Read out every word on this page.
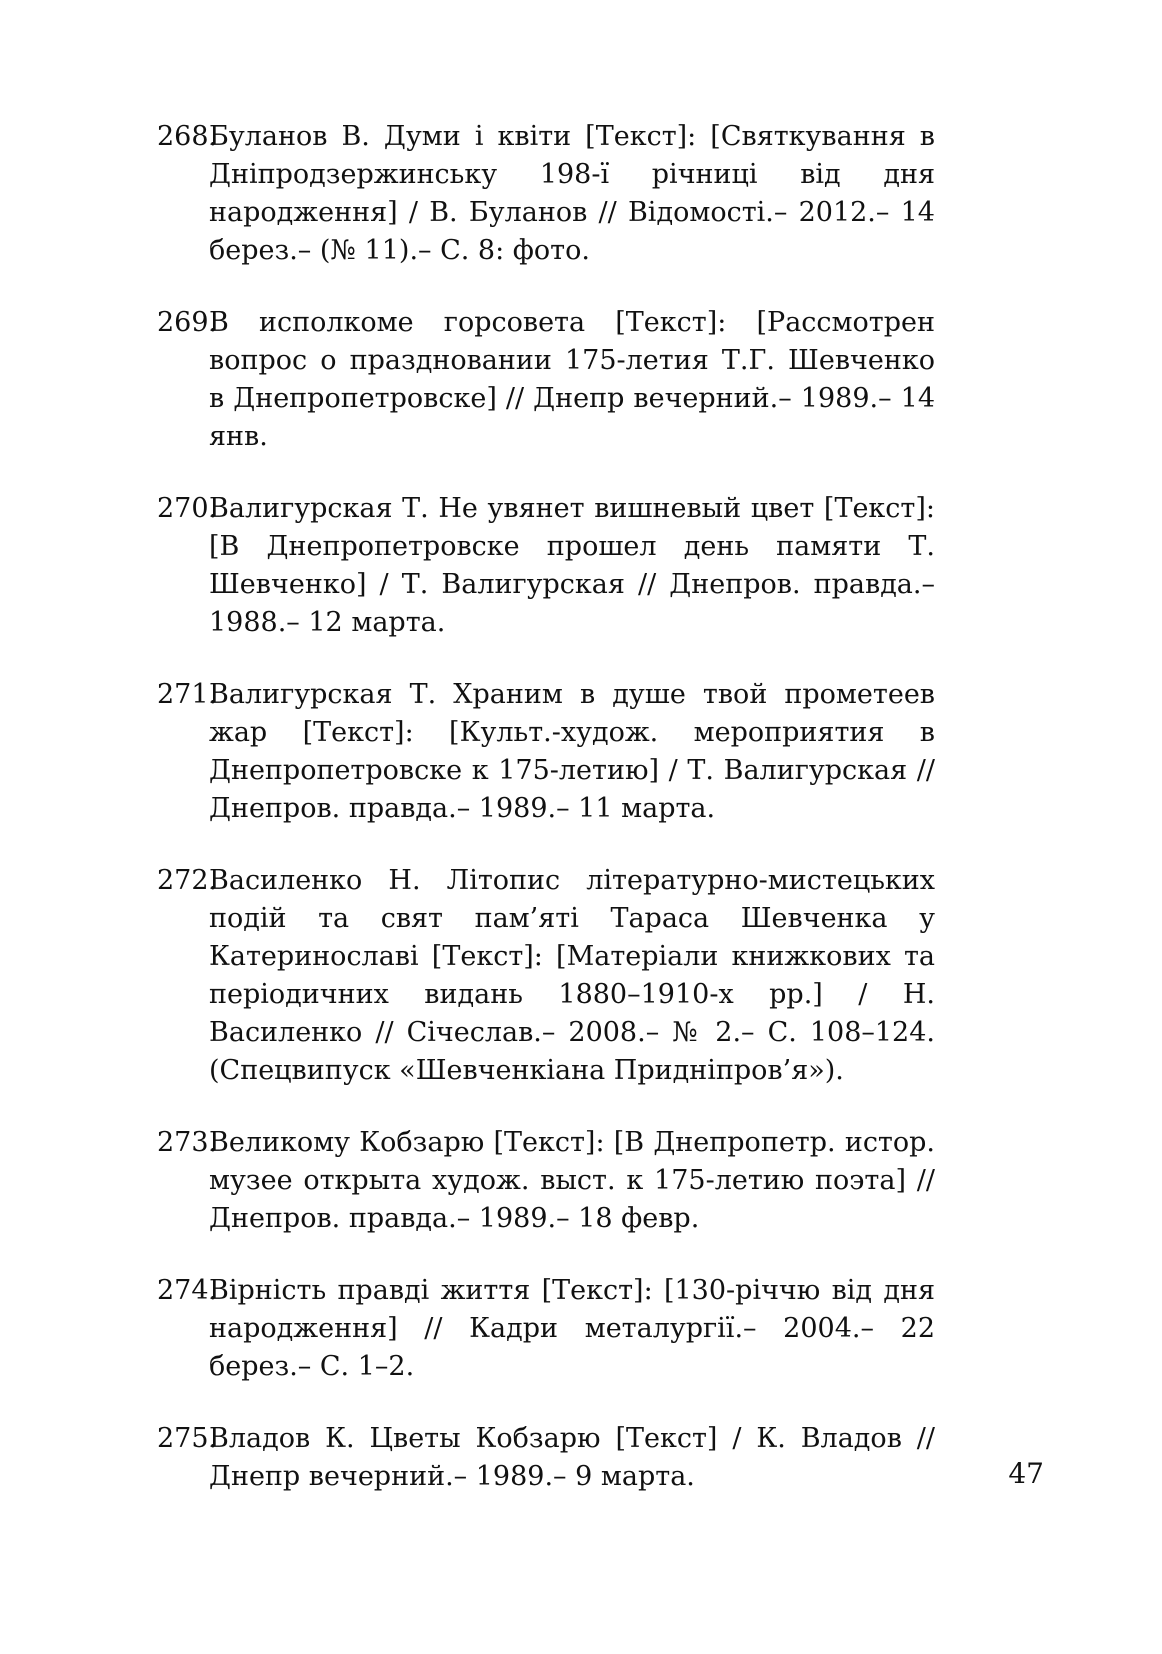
268.
Буланов В. Думи і квіти [Текст]: [Святкування в Дніпродзержинську 198-ї річниці від дня народження] / В. Буланов // Відомості.– 2012.– 14 берез.– (№ 11).– С. 8: фото.
269.
В исполкоме горсовета [Текст]: [Рассмотрен вопрос о праздновании 175-летия Т.Г. Шевченко в Днепропетровске] // Днепр вечерний.– 1989.– 14 янв.
270.
Валигурская Т. Не увянет вишневый цвет [Текст]: [В Днепропетровске прошел день памяти Т. Шевченко] / Т. Валигурская // Днепров. правда.– 1988.– 12 марта.
271.
Валигурская Т. Храним в душе твой прометеев жар [Текст]: [Культ.-худож. мероприятия в Днепропетровске к 175-летию] / Т. Валигурская // Днепров. правда.– 1989.– 11 марта.
272.
Василенко Н. Літопис літературно-мистецьких подій та свят пам’яті Тараса Шевченка у Катеринославі [Текст]: [Матеріали книжкових та періодичних видань 1880–1910-х рр.] / Н. Василенко // Січеслав.– 2008.– № 2.– С. 108–124. (Спецвипуск «Шевченкіана Придніпров’я»).
273.
Великому Кобзарю [Текст]: [В Днепропетр. истор. музее открыта худож. выст. к 175-летию поэта] // Днепров. правда.– 1989.– 18 февр.
274.
Вірність правді життя [Текст]: [130-річчю від дня народження] // Кадри металургії.– 2004.– 22 берез.– С. 1–2.
275.
Владов К. Цветы Кобзарю [Текст] / К. Владов // Днепр вечерний.– 1989.– 9 марта.	47
